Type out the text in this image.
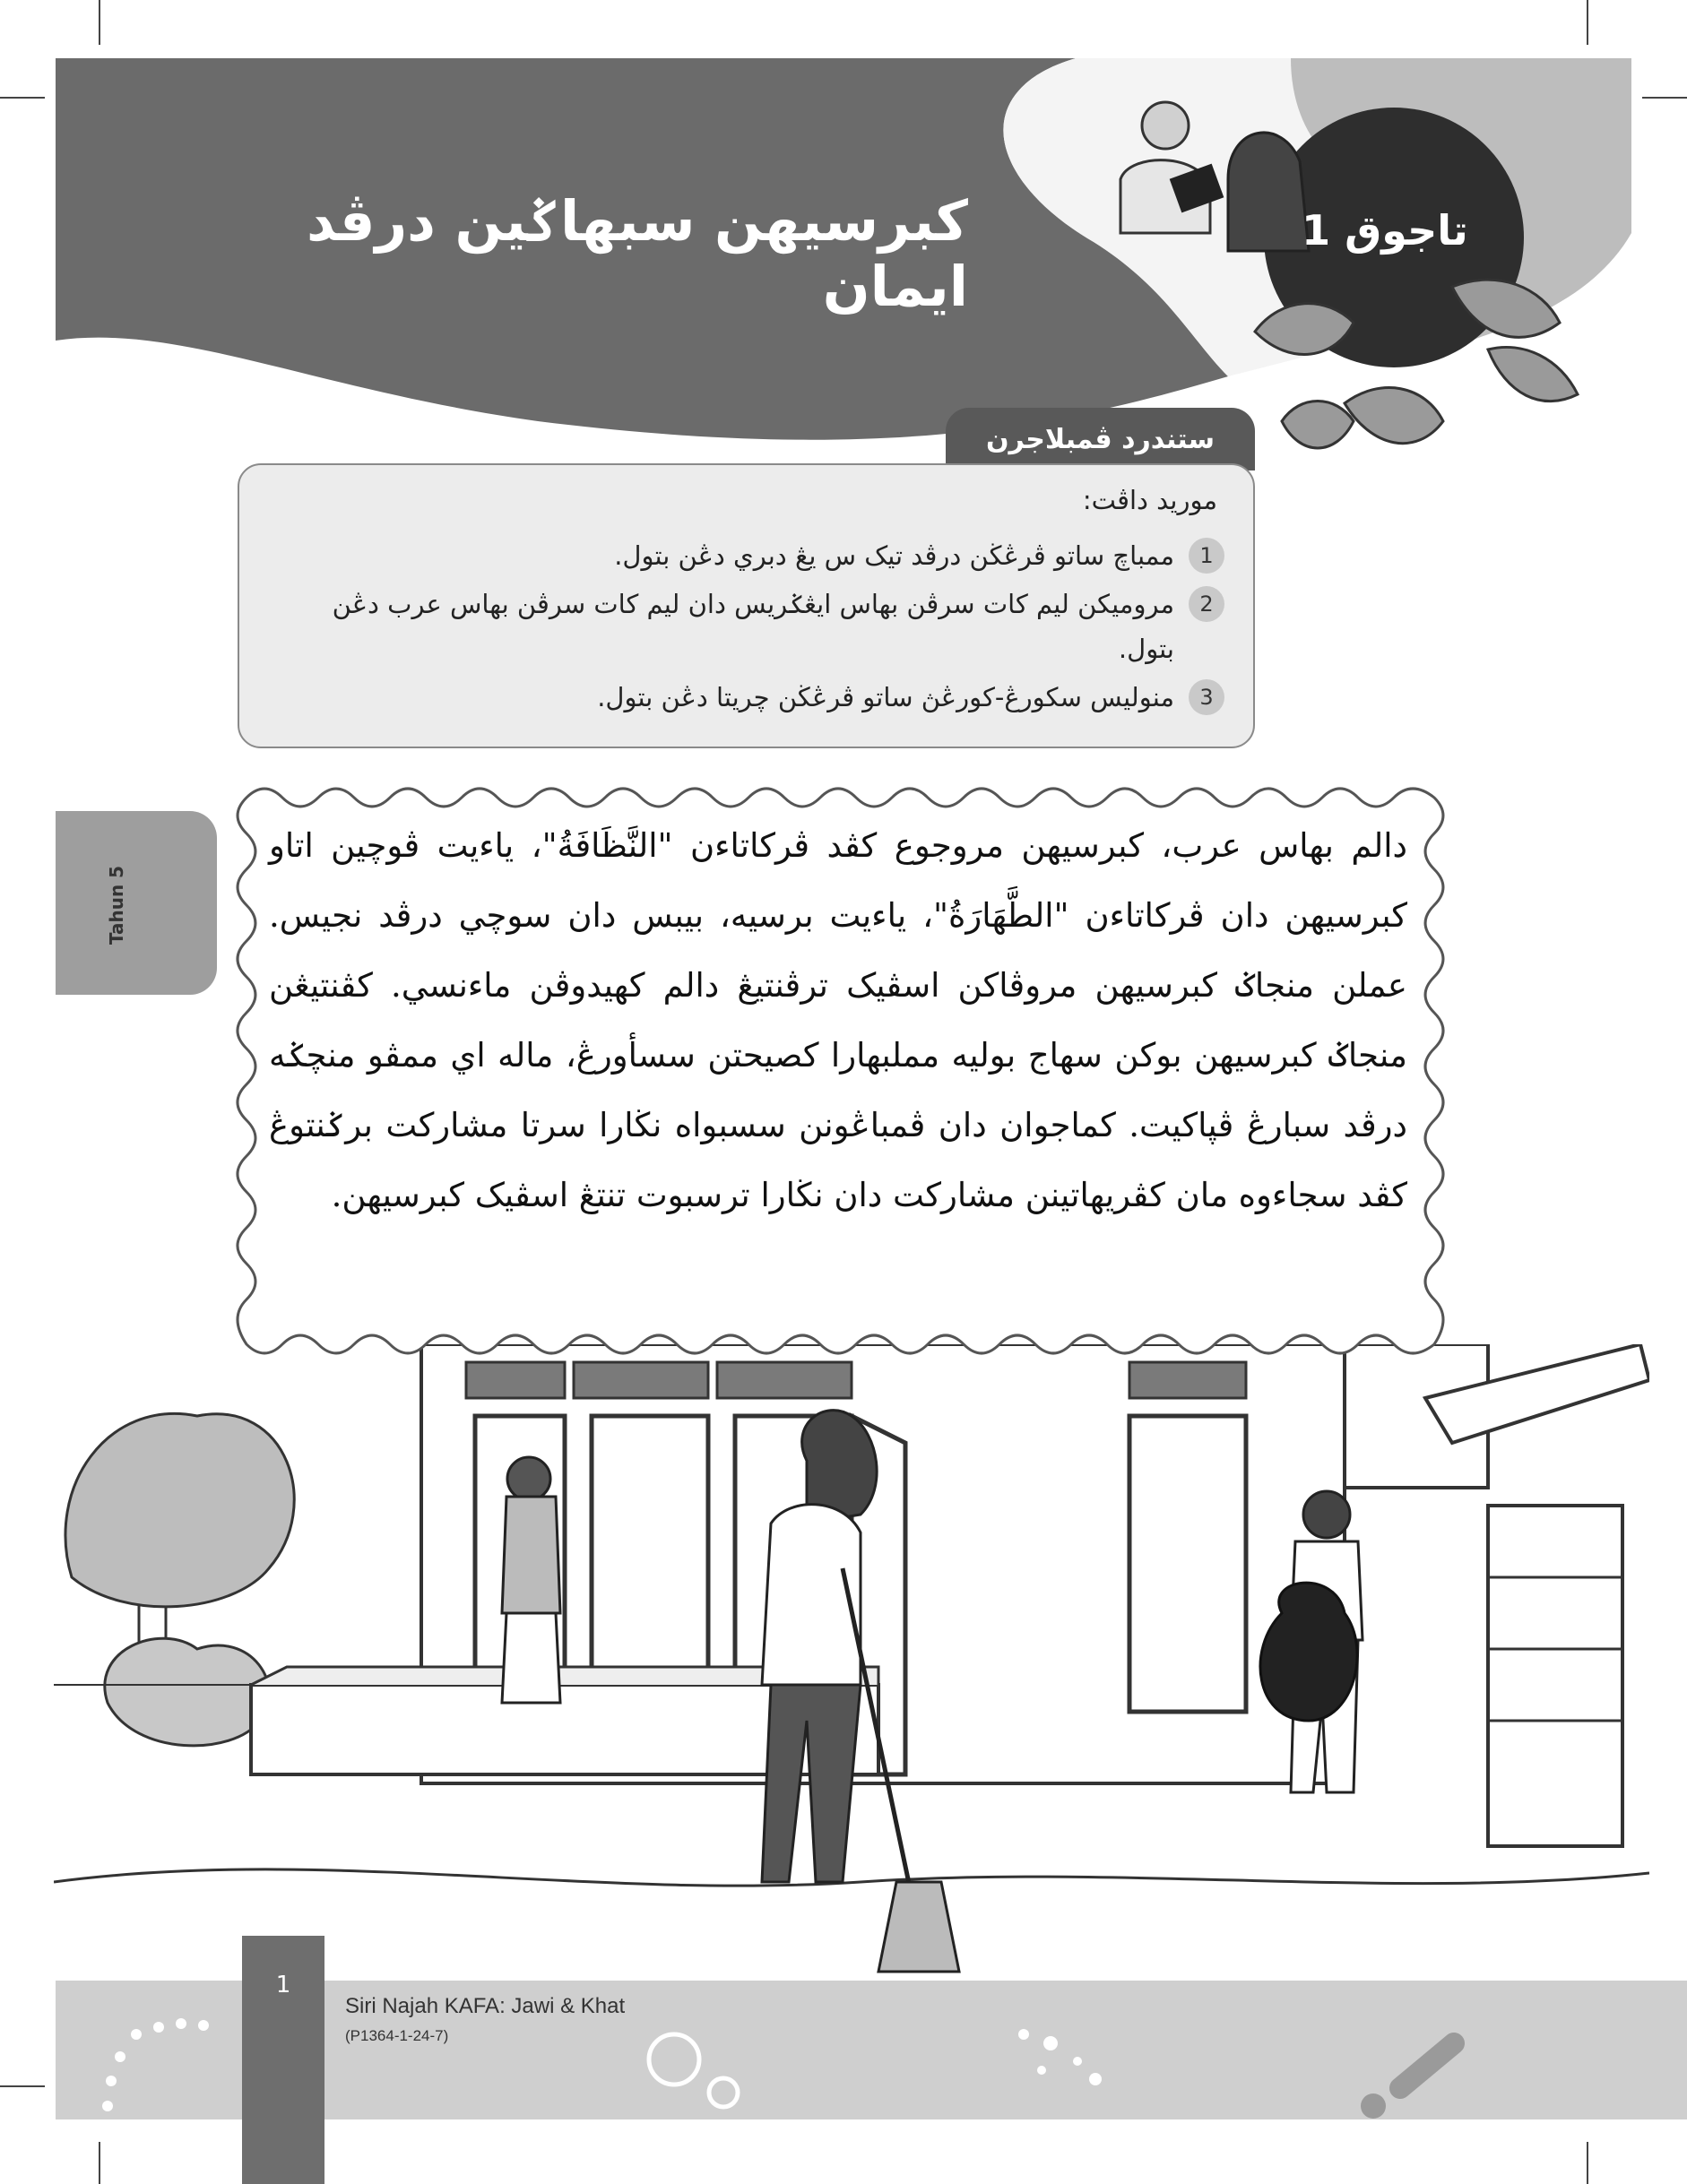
كبرسيهن سبهاݢين درڤد ايمان
تاجوق 1
ستندرد ڤمبلاجرن
موريد داڤت:
1
ممباچ ساتو ڤرڠڬن درڤد تيک س يڠ دبري دڠن بتول.
2
مروميكن ليم كات سرڤن بهاس ايڠݢريس دان ليم كات سرڤن بهاس عرب دڠن بتول.
3
منوليس سكورڠ-كورڠڽ ساتو ڤرڠڬن چريتا دڠن بتول.
Tahun 5
دالم بهاس عرب، كبرسيهن مروجوع كڤد ڤركاتاءن "النَّظَافَةُ"، ياءيت ڤوچين اتاو كبرسيهن دان ڤركاتاءن "الطَّهَارَةُ"، ياءيت برسيه، بيبس دان سوچي درڤد نجيس. عملن منجاݢ كبرسيهن مروڤاكن اسڤيک ترڤنتيڠ دالم كهيدوڤن ماءنسي. كڤنتيڠن منجاݢ كبرسيهن بوكن سهاج بوليه مملبهارا كصيحتن سسأورڠ، ماله اي ممڤو منچݢه درڤد سبارڠ ڤڽاكيت. كماجوان دان ڤمباڠونن سسبواه نڬارا سرتا مشاركت برݢنتوڠ كڤد سجاءوه مان كڤريهاتينن مشاركت دان نڬارا ترسبوت تنتڠ اسڤيک كبرسيهن.
1
Siri Najah KAFA: Jawi & Khat
(P1364-1-24-7)
